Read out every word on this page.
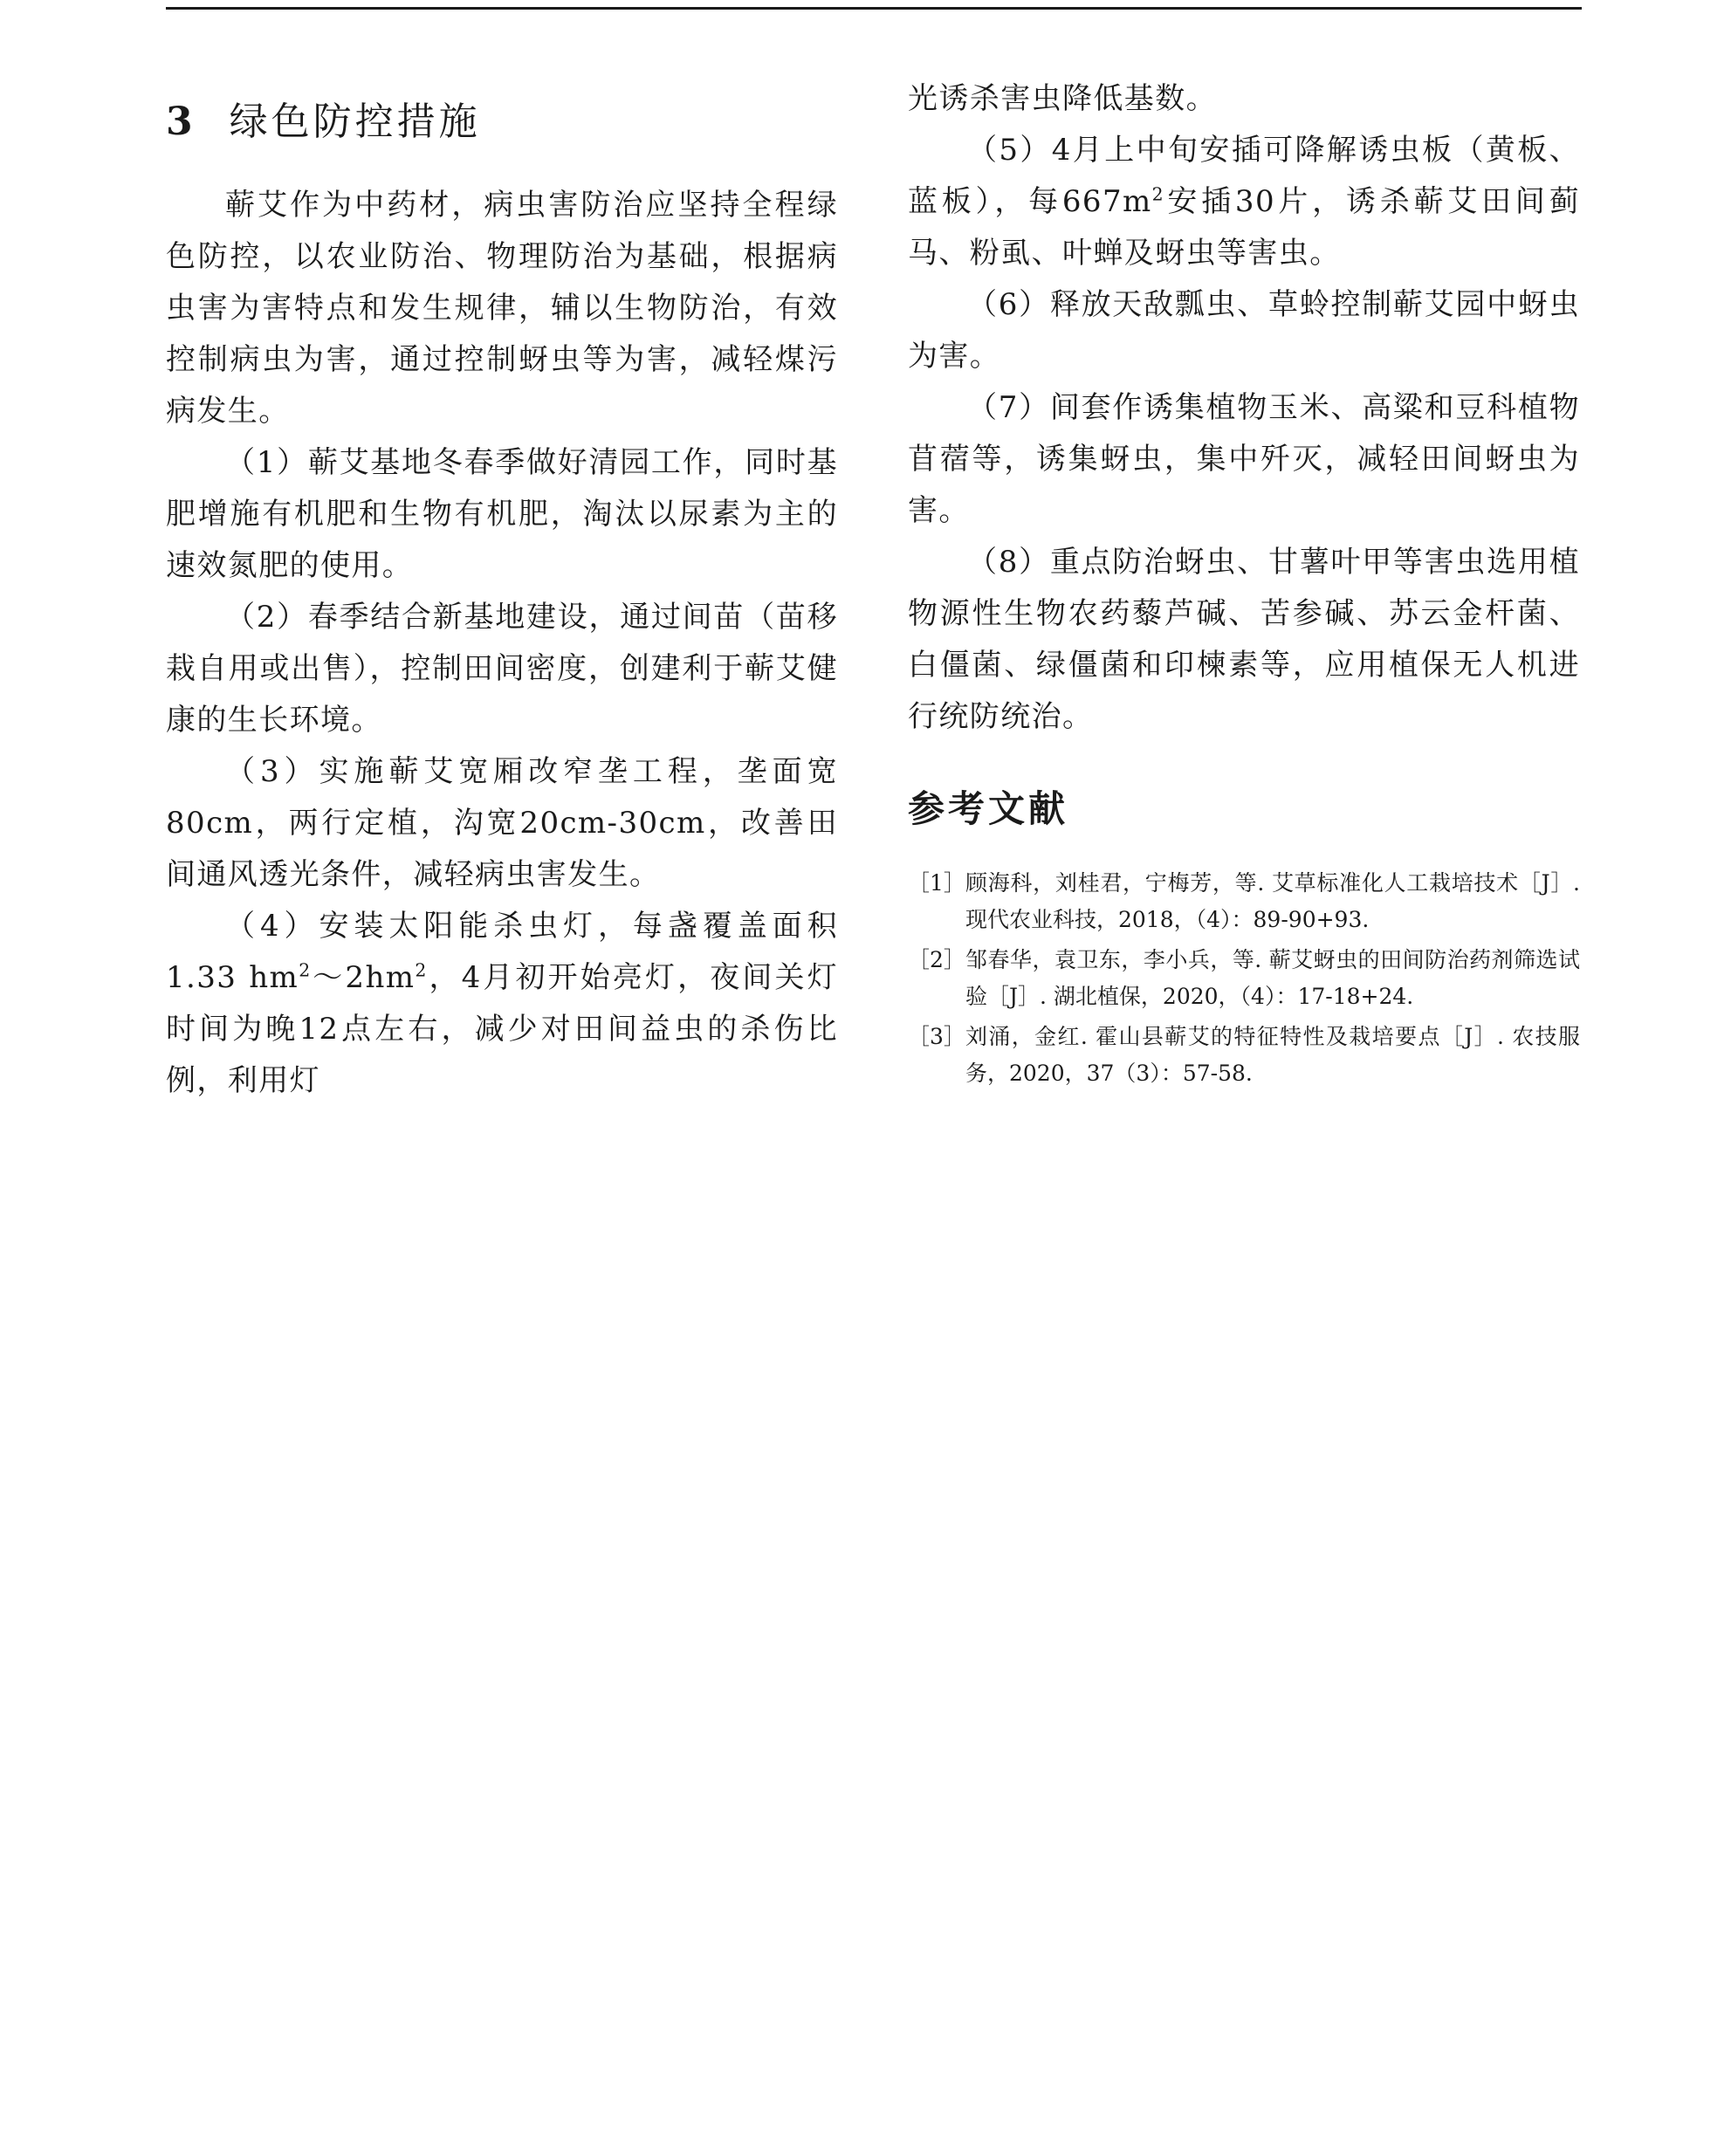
3 绿色防控措施

蕲艾作为中药材，病虫害防治应坚持全程绿色防控，以农业防治、物理防治为基础，根据病虫害为害特点和发生规律，辅以生物防治，有效控制病虫为害，通过控制蚜虫等为害，减轻煤污病发生。

（1）蕲艾基地冬春季做好清园工作，同时基肥增施有机肥和生物有机肥，淘汰以尿素为主的速效氮肥的使用。

（2）春季结合新基地建设，通过间苗（苗移栽自用或出售），控制田间密度，创建利于蕲艾健康的生长环境。

（3）实施蕲艾宽厢改窄垄工程，垄面宽80cm，两行定植，沟宽20cm-30cm，改善田间通风透光条件，减轻病虫害发生。

（4）安装太阳能杀虫灯，每盏覆盖面积1.33 $hm^2\sim 2hm^2$，4月初开始亮灯，夜间关灯时间为晚12点左右，减少对田间益虫的杀伤比例，利用灯

光诱杀害虫降低基数。

（5）4月上中旬安插可降解诱虫板（黄板、蓝板），每$667m^2$安插30片，诱杀蕲艾田间蓟马、粉虱、叶蝉及蚜虫等害虫。

（6）释放天敌瓢虫、草蛉控制蕲艾园中蚜虫为害。

（7）间套作诱集植物玉米、高粱和豆科植物苜蓿等，诱集蚜虫，集中歼灭，减轻田间蚜虫为害。

（8）重点防治蚜虫、甘薯叶甲等害虫选用植物源性生物农药藜芦碱、苦参碱、苏云金杆菌、白僵菌、绿僵菌和印楝素等，应用植保无人机进行统防统治。

参考文献
［1］ 顾海科，刘桂君，宁梅芳，等. 艾草标准化人工栽培技术［J］. 现代农业科技，2018，（4）：89-90+93.
［2］ 邹春华，袁卫东，李小兵，等. 蕲艾蚜虫的田间防治药剂筛选试验［J］. 湖北植保，2020，（4）：17-18+24.
［3］ 刘涌，金红. 霍山县蕲艾的特征特性及栽培要点［J］. 农技服务，2020，37（3）：57-58.
